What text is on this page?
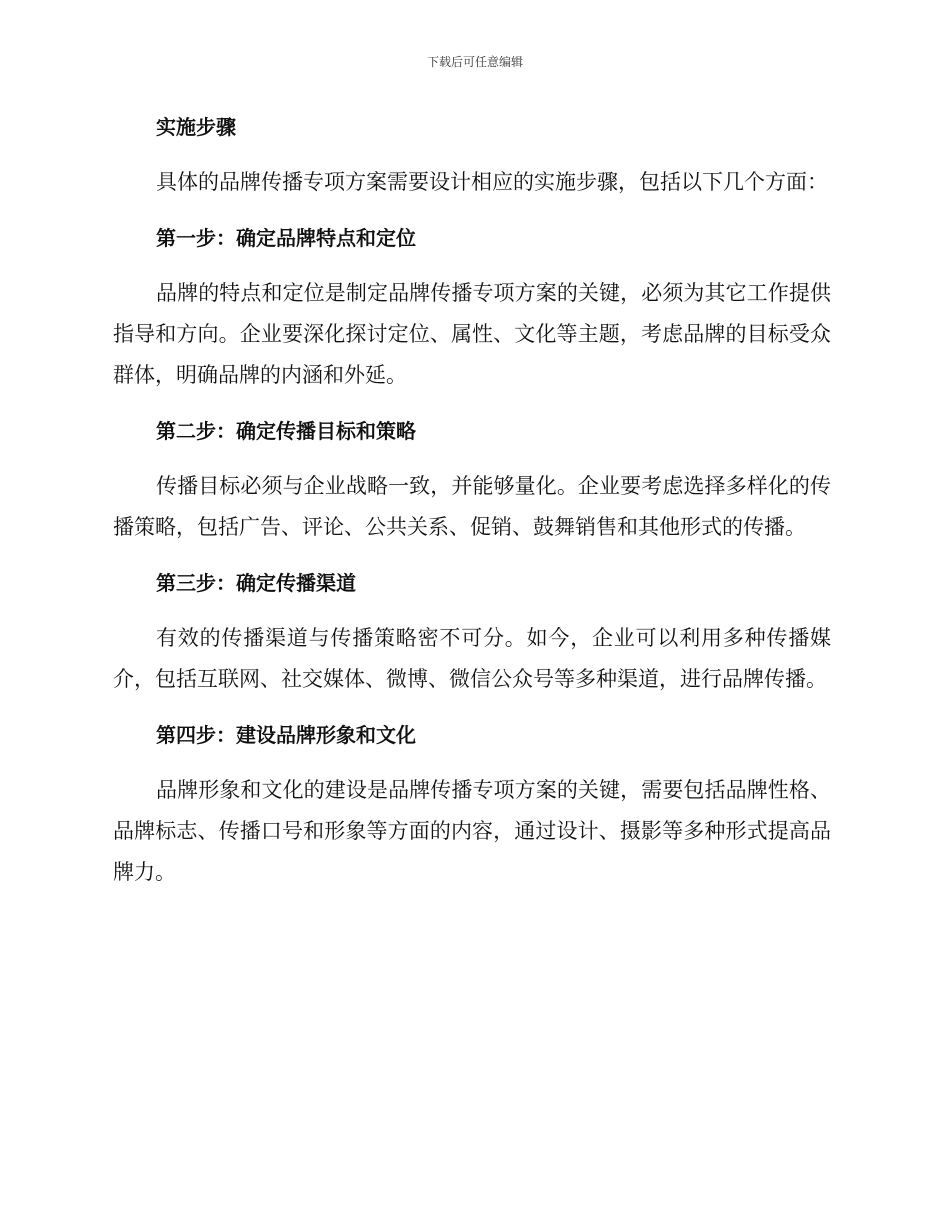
下载后可任意编辑
实施步骤

具体的品牌传播专项方案需要设计相应的实施步骤，包括以下几个方面：

第一步：确定品牌特点和定位

品牌的特点和定位是制定品牌传播专项方案的关键，必须为其它工作提供指导和方向。企业要深化探讨定位、属性、文化等主题，考虑品牌的目标受众群体，明确品牌的内涵和外延。

第二步：确定传播目标和策略

传播目标必须与企业战略一致，并能够量化。企业要考虑选择多样化的传播策略，包括广告、评论、公共关系、促销、鼓舞销售和其他形式的传播。

第三步：确定传播渠道

有效的传播渠道与传播策略密不可分。如今，企业可以利用多种传播媒介，包括互联网、社交媒体、微博、微信公众号等多种渠道，进行品牌传播。

第四步：建设品牌形象和文化

品牌形象和文化的建设是品牌传播专项方案的关键，需要包括品牌性格、品牌标志、传播口号和形象等方面的内容，通过设计、摄影等多种形式提高品牌力。
